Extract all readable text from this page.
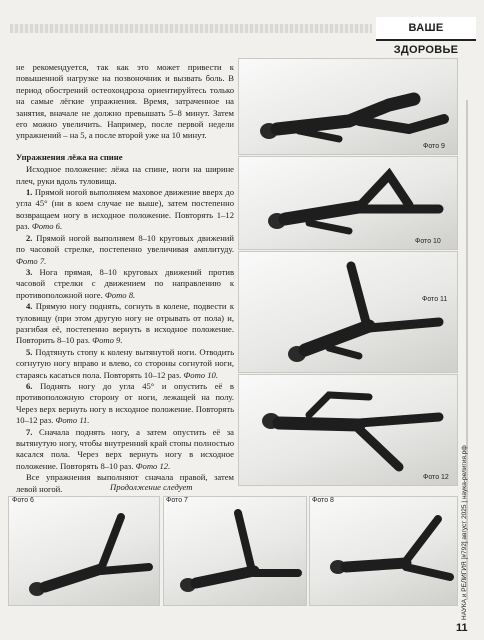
ВАШЕ ЗДОРОВЬЕ

не рекомендуется, так как это может привести к повышенной нагрузке на позвоночник и вызвать боль. В период обострений остеохондроза ориентируйтесь только на самые лёгкие упражнения. Время, затраченное на занятия, вначале не должно превышать 5–8 минут. Затем его можно увеличить. Например, после первой недели упражнений – на 5, а после второй уже на 10 минут.

Упражнения лёжа на спине

Исходное положение: лёжа на спине, ноги на ширине плеч, руки вдоль туловища.

1. Прямой ногой выполняем маховое движение вверх до угла 45° (ни в коем случае не выше), затем постепенно возвращаем ногу в исходное положение. Повторять 1–12 раз. Фото 6.

2. Прямой ногой выполняем 8–10 круговых движений по часовой стрелке, постепенно увеличивая амплитуду. Фото 7.

3. Нога прямая, 8–10 круговых движений против часовой стрелки с движением по направлению к противоположной ноге. Фото 8.

4. Прямую ногу поднять, согнуть в колене, подвести к туловищу (при этом другую ногу не отрывать от пола) и, разгибая её, постепенно вернуть в исходное положение. Повторить 8–10 раз. Фото 9.

5. Подтянуть стопу к колену вытянутой ноги. Отводить согнутую ногу вправо и влево, со стороны согнутой ноги, стараясь касаться пола. Повторять 10–12 раз. Фото 10.

6. Поднять ногу до угла 45° и опустить её в противоположную сторону от ноги, лежащей на полу. Через верх вернуть ногу в исходное положение. Повторять 10–12 раз. Фото 11.

7. Сначала поднять ногу, а затем опустить её за вытянутую ногу, чтобы внутренний край стопы полностью касался пола. Через верх вернуть ногу в исходное положение. Повторять 8–10 раз. Фото 12.

Все упражнения выполняют сначала правой, затем левой ногой.	Продолжение следует
Фото 9
Фото 10
Фото 11
Фото 12
Фото 6	Фото 7	Фото 8	НАУКА и РЕЛИГИЯ [#792] август 2025 | наука-религия.рф
11
